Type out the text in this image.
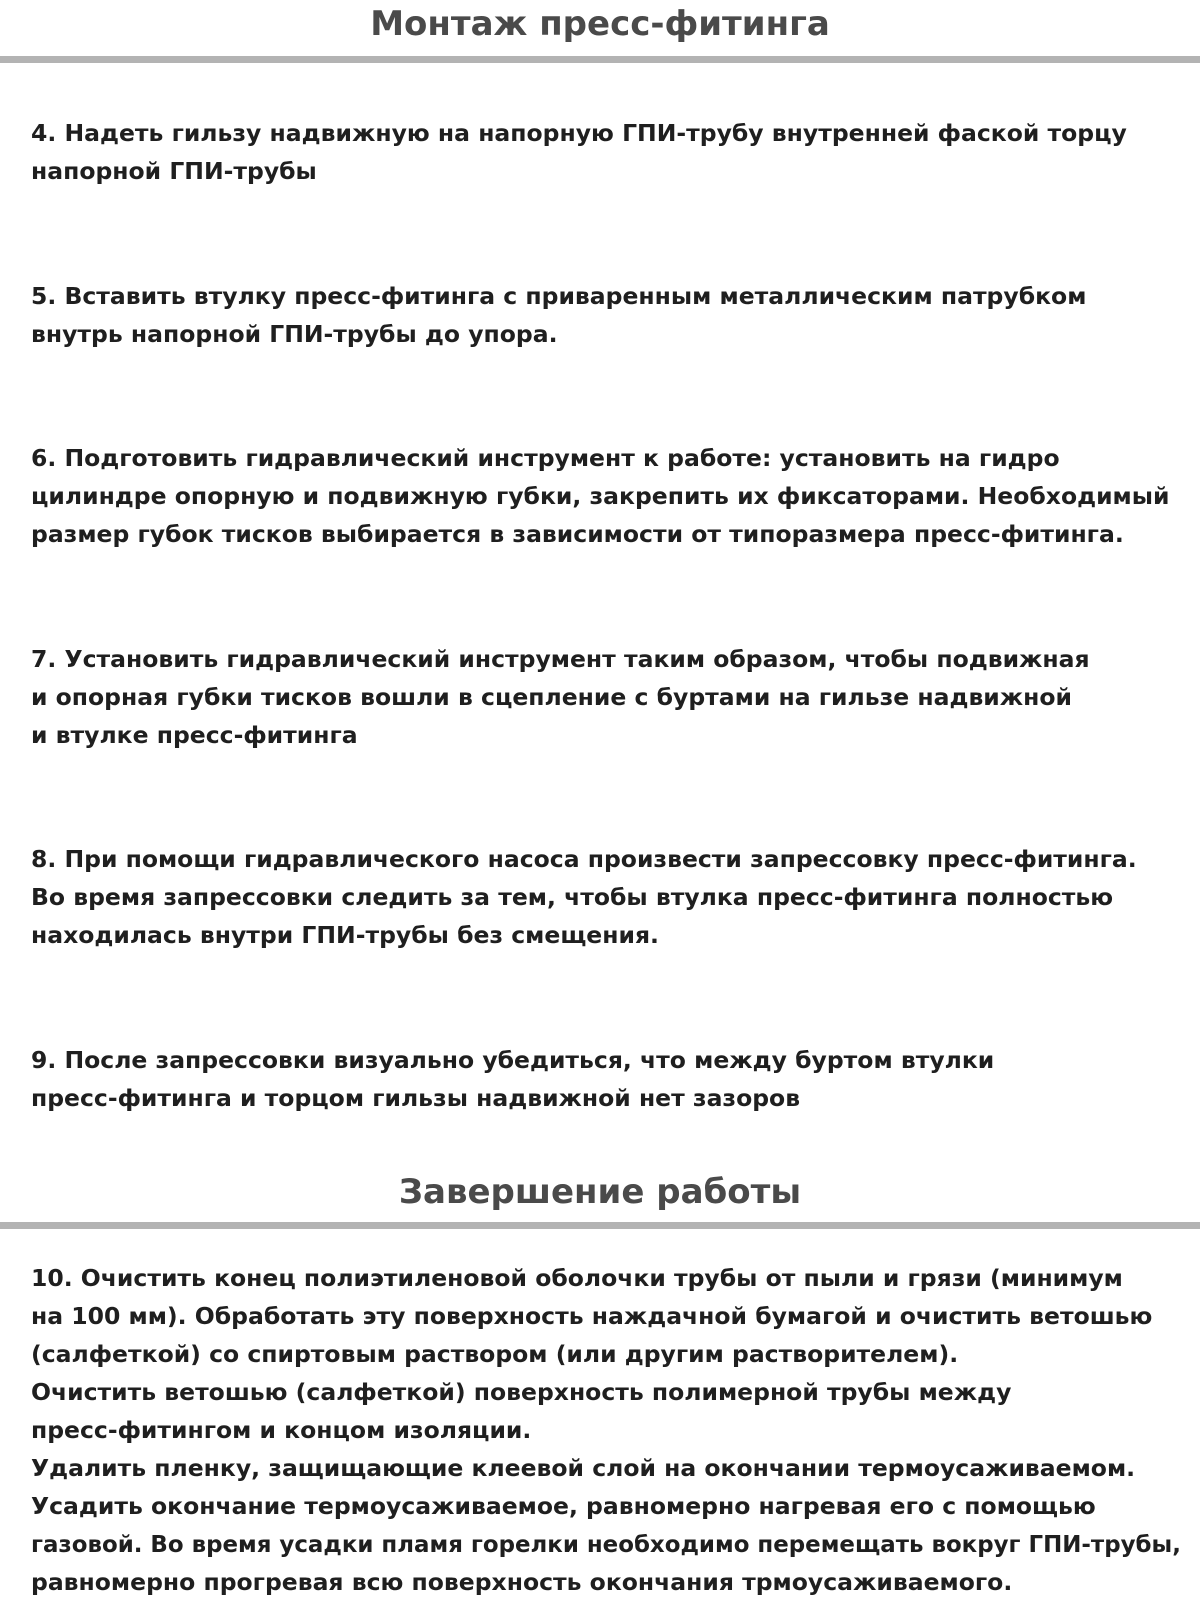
Монтаж пресс-фитинга
4. Надеть гильзу надвижную на напорную ГПИ-трубу внутренней фаской торцу
напорной ГПИ-трубы
5. Вставить втулку пресс-фитинга с приваренным металлическим патрубком
внутрь напорной ГПИ-трубы до упора.
6. Подготовить гидравлический инструмент к работе: установить на гидро
цилиндре опорную и подвижную губки, закрепить их фиксаторами. Необходимый
размер губок тисков выбирается в зависимости от типоразмера пресс-фитинга.
7. Установить гидравлический инструмент таким образом, чтобы подвижная
и опорная губки тисков вошли в сцепление с буртами на гильзе надвижной
и втулке пресс-фитинга
8. При помощи гидравлического насоса произвести запрессовку пресс-фитинга.
Во время запрессовки следить за тем, чтобы втулка пресс-фитинга полностью
находилась внутри ГПИ-трубы без смещения.
9. После запрессовки визуально убедиться, что между буртом втулки
пресс-фитинга и торцом гильзы надвижной нет зазоров
Завершение работы
10. Очистить конец полиэтиленовой оболочки трубы от пыли и грязи (минимум
на 100 мм). Обработать эту поверхность наждачной бумагой и очистить ветошью
(салфеткой) со спиртовым раствором (или другим растворителем).
Очистить ветошью (салфеткой) поверхность полимерной трубы между
пресс-фитингом и концом изоляции.
Удалить пленку, защищающие клеевой слой на окончании термоусаживаемом.
Усадить окончание термоусаживаемое, равномерно нагревая его с помощью
газовой. Во время усадки пламя горелки необходимо перемещать вокруг ГПИ-трубы,
равномерно прогревая всю поверхность окончания трмоусаживаемого.
